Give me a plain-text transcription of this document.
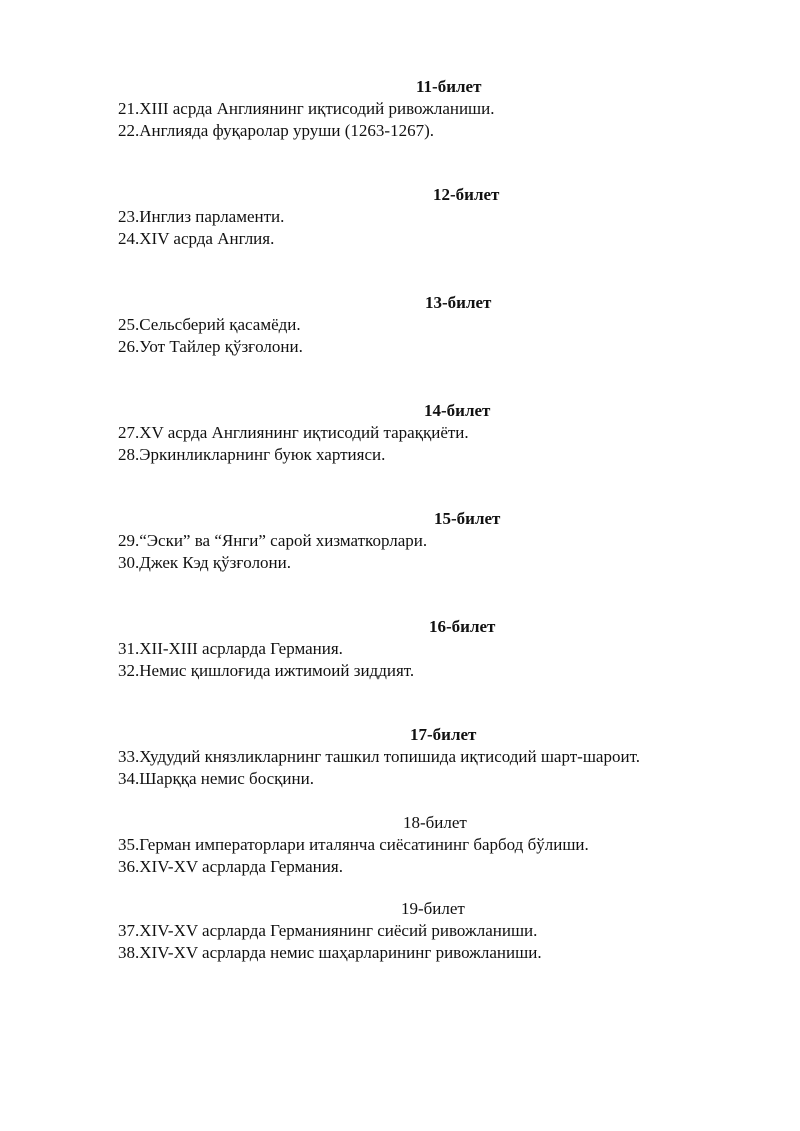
11-билет
21.XIII асрда Англиянинг иқтисодий ривожланиши.
22.Англияда фуқаролар уруши (1263-1267).
12-билет
23.Инглиз парламенти.
24.XIV асрда Англия.
13-билет
25.Сельсберий қасамёди.
26.Уот Тайлер қўзғолони.
14-билет
27.XV асрда Англиянинг иқтисодий тараққиёти.
28.Эркинликларнинг буюк хартияси.
15-билет
29.“Эски” ва “Янги” сарой хизматкорлари.
30.Джек Кэд қўзғолони.
16-билет
31.XII-XIII асрларда Германия.
32.Немис қишлоғида ижтимоий зиддият.
17-билет
33.Худудий князликларнинг ташкил топишида иқтисодий шарт-шароит.
34.Шарққа немис босқини.
18-билет
35.Герман императорлари италянча сиёсатининг барбод бўлиши.
36.XIV-XV асрларда Германия.
19-билет
37.XIV-XV асрларда Германиянинг сиёсий ривожланиши.
38.XIV-XV асрларда немис шаҳарларининг ривожланиши.
